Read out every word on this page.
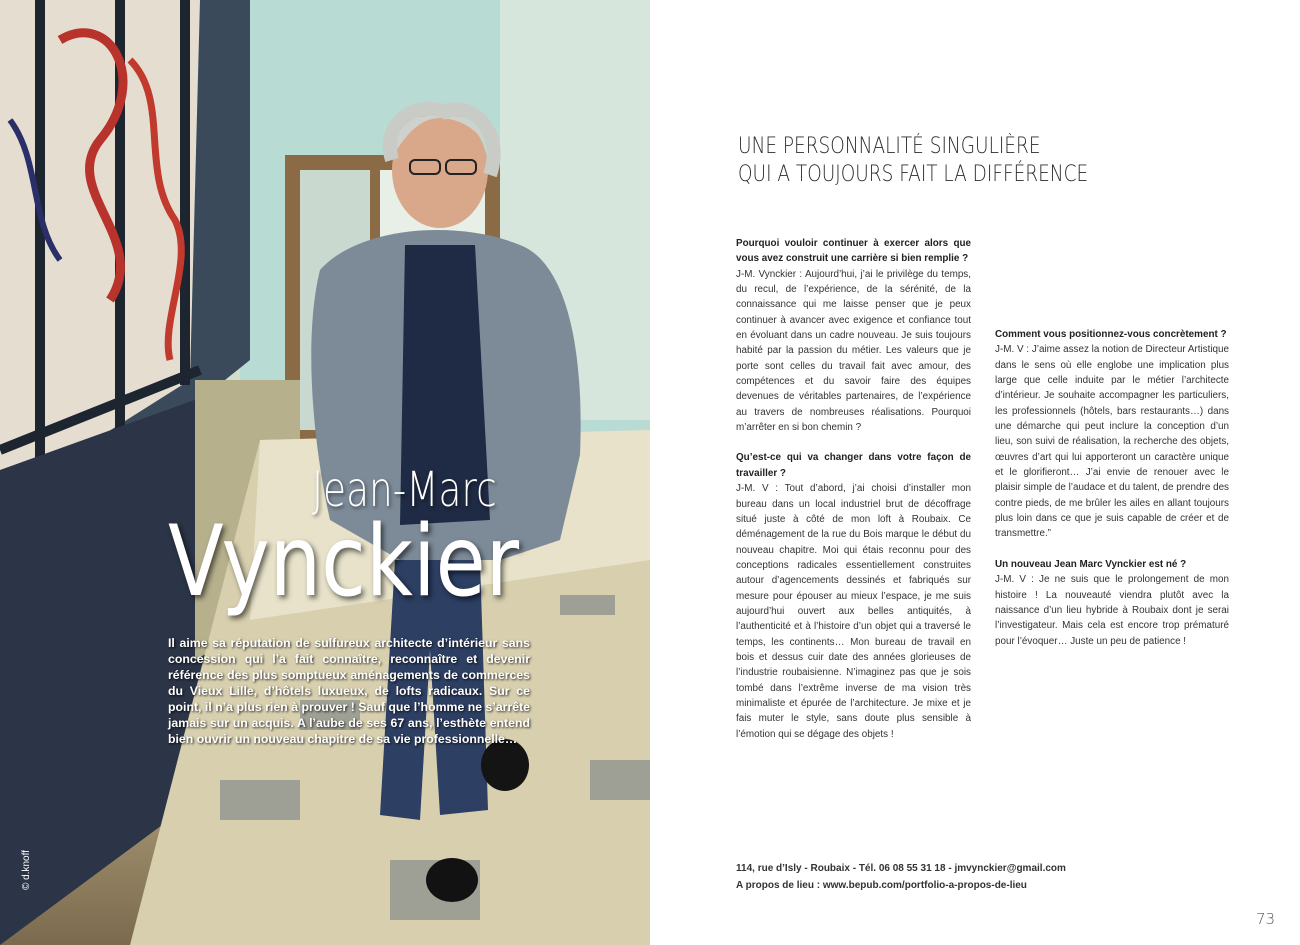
Jean-Marc
Vynckier
Il aime sa réputation de sulfureux architecte d’intérieur sans concession qui l’a fait connaître, reconnaître et devenir référence des plus somptueux aménagements de commerces du Vieux Lille, d’hôtels luxueux, de lofts radicaux. Sur ce point, il n’a plus rien à prouver ! Sauf que l’homme ne s’arrête jamais sur un acquis. A l’aube de ses 67 ans, l’esthète entend bien ouvrir un nouveau chapitre de sa vie professionnelle…
© d.knoff
UNE PERSONNALITÉ SINGULIÈRE
QUI A TOUJOURS FAIT LA DIFFÉRENCE
Pourquoi vouloir continuer à exercer alors que vous avez construit une carrière si bien remplie ?
J-M. Vynckier : Aujourd’hui, j’ai le privilège du temps, du recul, de l’expérience, de la sérénité, de la connaissance qui me laisse penser que je peux continuer à avancer avec exigence et confiance tout en évoluant dans un cadre nouveau. Je suis toujours habité par la passion du métier. Les valeurs que je porte sont celles du travail fait avec amour, des compétences et du savoir faire des équipes devenues de véritables partenaires, de l’expérience au travers de nombreuses réalisations. Pourquoi m’arrêter en si bon chemin ?
Qu’est-ce qui va changer dans votre façon de travailler ?
J-M. V : Tout d’abord, j’ai choisi d’installer mon bureau dans un local industriel brut de décoffrage situé juste à côté de mon loft à Roubaix. Ce déménagement de la rue du Bois marque le début du nouveau chapitre. Moi qui étais reconnu pour des conceptions radicales essentiellement construites autour d’agencements dessinés et fabriqués sur mesure pour épouser au mieux l’espace, je me suis aujourd’hui ouvert aux belles antiquités, à l’authenticité et à l’histoire d’un objet qui a traversé le temps, les continents… Mon bureau de travail en bois et dessus cuir date des années glorieuses de l’industrie roubaisienne. N’imaginez pas que je sois tombé dans l’extrême inverse de ma vision très minimaliste et épurée de l’architecture. Je mixe et je fais muter le style, sans doute plus sensible à l’émotion qui se dégage des objets !
Comment vous positionnez-vous concrètement ?
J-M. V : J’aime assez la notion de Directeur Artistique dans le sens où elle englobe une implication plus large que celle induite par le métier l’architecte d’intérieur. Je souhaite accompagner les particuliers, les professionnels (hôtels, bars restaurants…) dans une démarche qui peut inclure la conception d’un lieu, son suivi de réalisation, la recherche des objets, œuvres d’art qui lui apporteront un caractère unique et le glorifieront… J’ai envie de renouer avec le plaisir simple de l’audace et du talent, de prendre des contre pieds, de me brûler les ailes en allant toujours plus loin dans ce que je suis capable de créer et de transmettre.”
Un nouveau Jean Marc Vynckier est né ?
J-M. V : Je ne suis que le prolongement de mon histoire ! La nouveauté viendra plutôt avec la naissance d’un lieu hybride à Roubaix dont je serai l’investigateur. Mais cela est encore trop prématuré pour l’évoquer… Juste un peu de patience !
114, rue d’Isly - Roubaix - Tél. 06 08 55 31 18 - jmvynckier@gmail.com
A propos de lieu : www.bepub.com/portfolio-a-propos-de-lieu
73
